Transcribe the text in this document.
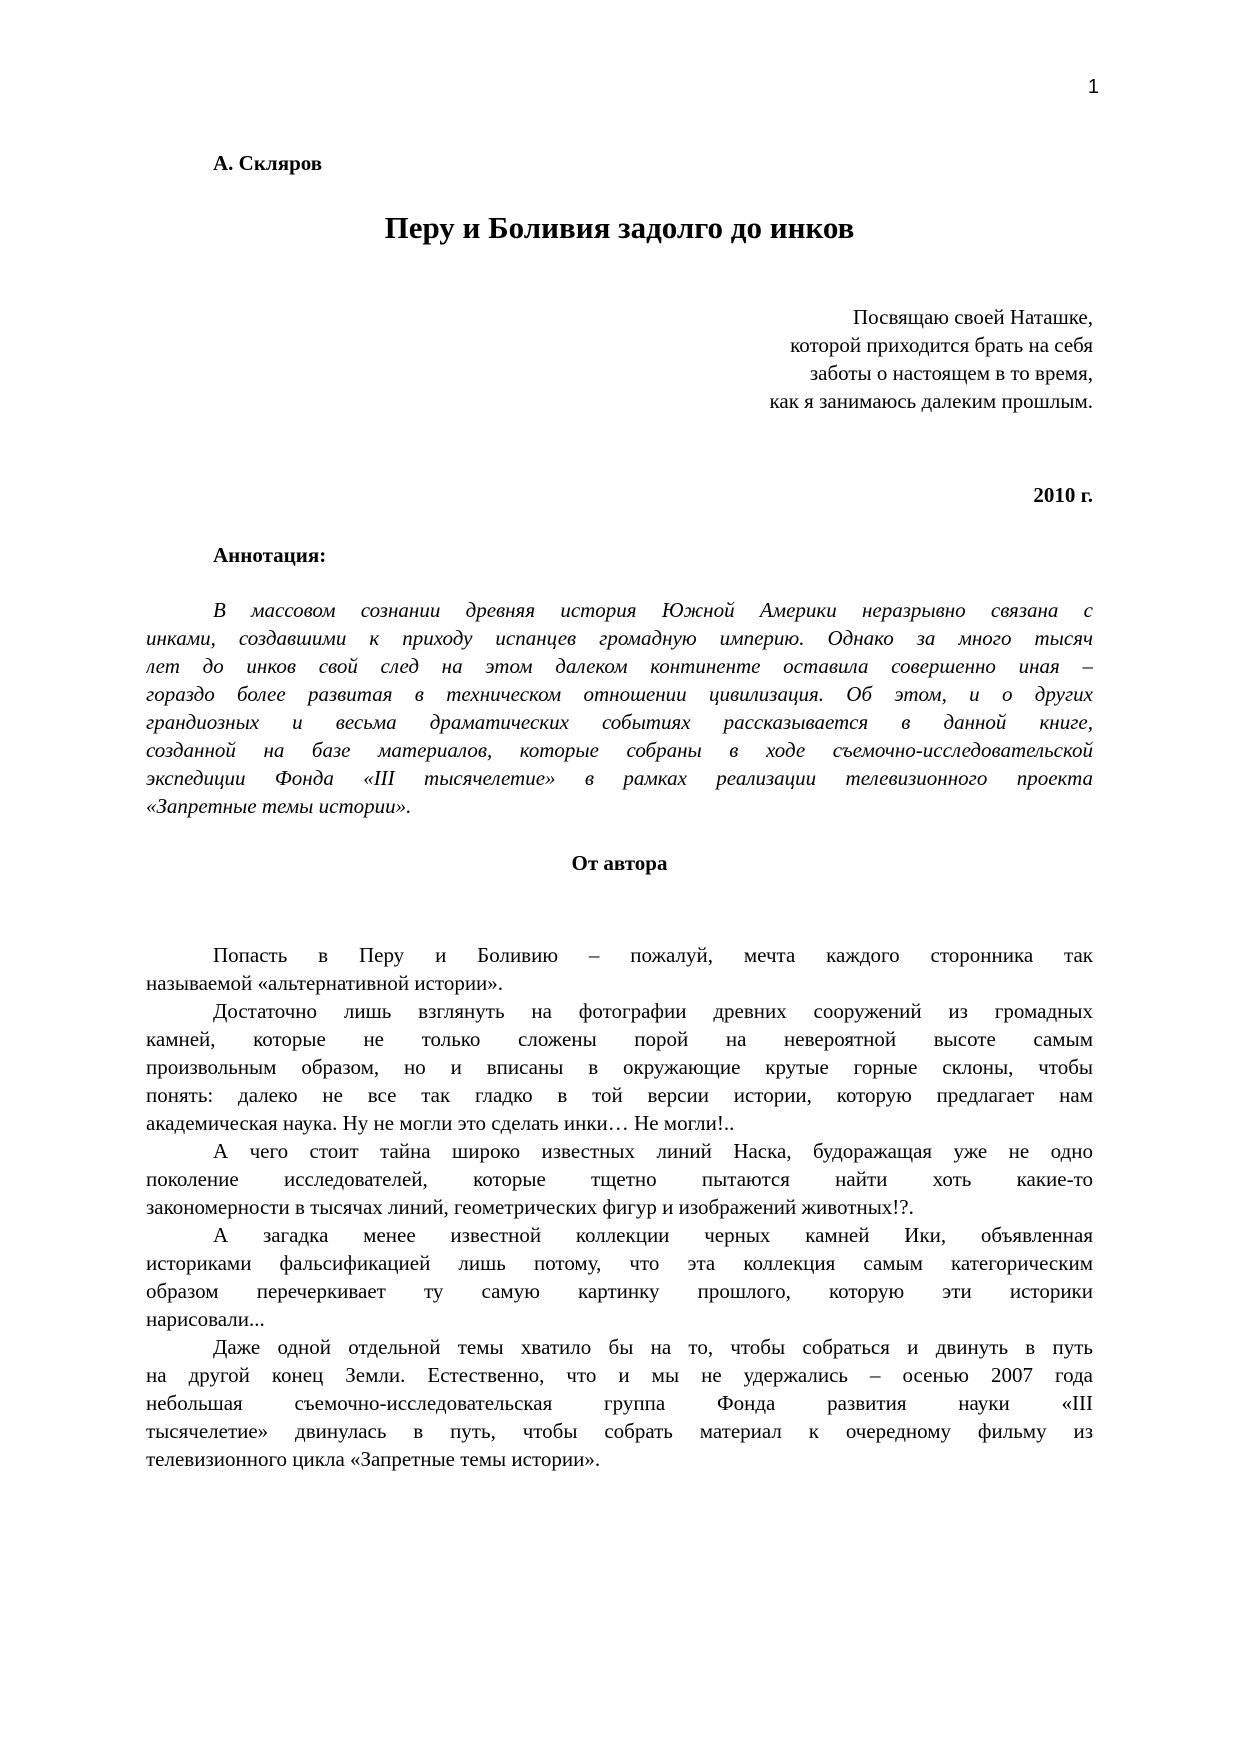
1
А. Скляров
Перу и Боливия задолго до инков
Посвящаю своей Наташке,
которой приходится брать на себя
заботы о настоящем в то время,
как я занимаюсь далеким прошлым.
2010 г.
Аннотация:
В массовом сознании древняя история Южной Америки неразрывно связана с
инками, создавшими к приходу испанцев громадную империю. Однако за много тысяч
лет до инков свой след на этом далеком континенте оставила совершенно иная –
гораздо более развитая в техническом отношении цивилизация. Об этом, и о других
грандиозных и весьма драматических событиях рассказывается в данной книге,
созданной на базе материалов, которые собраны в ходе съемочно-исследовательской
экспедиции Фонда «III тысячелетие» в рамках реализации телевизионного проекта
«Запретные темы истории».
От автора
Попасть в Перу и Боливию – пожалуй, мечта каждого сторонника так
называемой «альтернативной истории».
Достаточно лишь взглянуть на фотографии древних сооружений из громадных
камней, которые не только сложены порой на невероятной высоте самым
произвольным образом, но и вписаны в окружающие крутые горные склоны, чтобы
понять: далеко не все так гладко в той версии истории, которую предлагает нам
академическая наука. Ну не могли это сделать инки… Не могли!..
А чего стоит тайна широко известных линий Наска, будоражащая уже не одно
поколение исследователей, которые тщетно пытаются найти хоть какие-то
закономерности в тысячах линий, геометрических фигур и изображений животных!?.
А загадка менее известной коллекции черных камней Ики, объявленная
историками фальсификацией лишь потому, что эта коллекция самым категорическим
образом перечеркивает ту самую картинку прошлого, которую эти историки
нарисовали...
Даже одной отдельной темы хватило бы на то, чтобы собраться и двинуть в путь
на другой конец Земли. Естественно, что и мы не удержались – осенью 2007 года
небольшая съемочно-исследовательская группа Фонда развития науки «III
тысячелетие» двинулась в путь, чтобы собрать материал к очередному фильму из
телевизионного цикла «Запретные темы истории».
